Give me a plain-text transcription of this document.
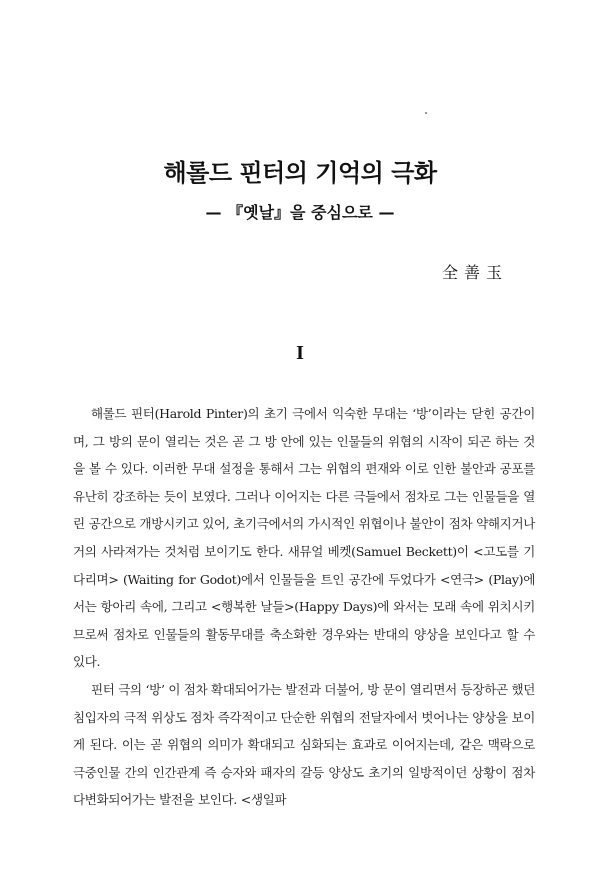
해롤드 핀터의 기억의 극화
— 『옛날』을 중심으로 —
全善玉
I

해롤드 핀터(Harold Pinter)의 초기 극에서 익숙한 무대는 ‘방’이라는 닫힌 공간이며, 그 방의 문이 열리는 것은 곧 그 방 안에 있는 인물들의 위협의 시작이 되곤 하는 것을 볼 수 있다. 이러한 무대 설정을 통해서 그는 위협의 편재와 이로 인한 불안과 공포를 유난히 강조하는 듯이 보였다. 그러나 이어지는 다른 극들에서 점차로 그는 인물들을 열린 공간으로 개방시키고 있어, 초기극에서의 가시적인 위협이나 불안이 점차 약해지거나 거의 사라져가는 것처럼 보이기도 한다. 새뮤얼 베켓(Samuel Beckett)이 <고도를 기다리며> (Waiting for Godot)에서 인물들을 트인 공간에 두었다가 <연극> (Play)에서는 항아리 속에, 그리고 <행복한 날들>(Happy Days)에 와서는 모래 속에 위치시키므로써 점차로 인물들의 활동무대를 축소화한 경우와는 반대의 양상을 보인다고 할 수 있다.

핀터 극의 ‘방’ 이 점차 확대되어가는 발전과 더불어, 방 문이 열리면서 등장하곤 했던 침입자의 극적 위상도 점차 즉각적이고 단순한 위협의 전달자에서 벗어나는 양상을 보이게 된다. 이는 곧 위협의 의미가 확대되고 심화되는 효과로 이어지는데, 같은 맥락으로 극중인물 간의 인간관계 즉 승자와 패자의 갈등 양상도 초기의 일방적이던 상황이 점차 다변화되어가는 발전을 보인다. <생일파
